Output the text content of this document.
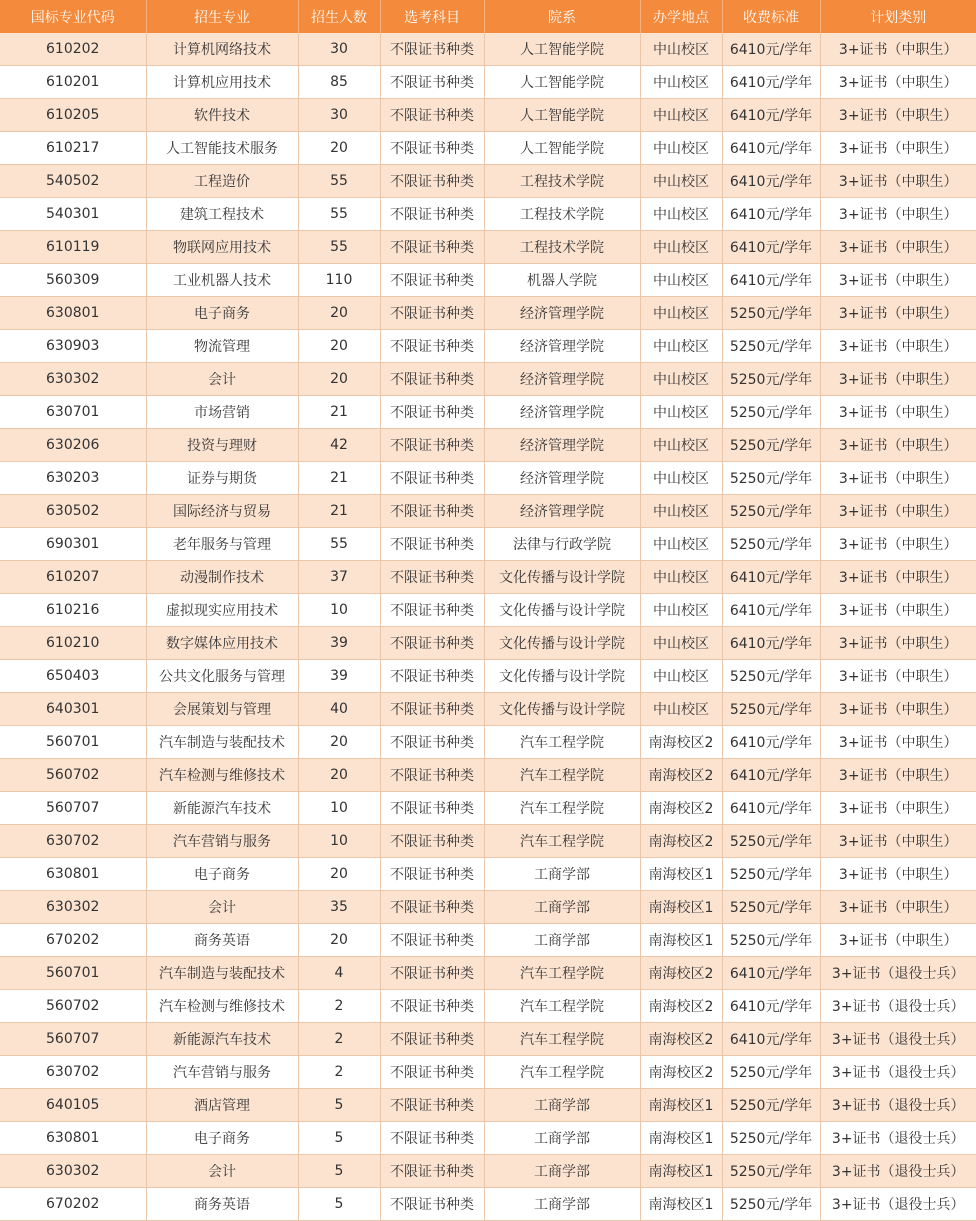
国标专业代码	招生专业	招生人数	选考科目	院系	办学地点	收费标准	计划类别
610202	计算机网络技术	30	不限证书种类	人工智能学院	中山校区	6410元/学年	3+证书（中职生）
610201	计算机应用技术	85	不限证书种类	人工智能学院	中山校区	6410元/学年	3+证书（中职生）
610205	软件技术	30	不限证书种类	人工智能学院	中山校区	6410元/学年	3+证书（中职生）
610217	人工智能技术服务	20	不限证书种类	人工智能学院	中山校区	6410元/学年	3+证书（中职生）
540502	工程造价	55	不限证书种类	工程技术学院	中山校区	6410元/学年	3+证书（中职生）
540301	建筑工程技术	55	不限证书种类	工程技术学院	中山校区	6410元/学年	3+证书（中职生）
610119	物联网应用技术	55	不限证书种类	工程技术学院	中山校区	6410元/学年	3+证书（中职生）
560309	工业机器人技术	110	不限证书种类	机器人学院	中山校区	6410元/学年	3+证书（中职生）
630801	电子商务	20	不限证书种类	经济管理学院	中山校区	5250元/学年	3+证书（中职生）
630903	物流管理	20	不限证书种类	经济管理学院	中山校区	5250元/学年	3+证书（中职生）
630302	会计	20	不限证书种类	经济管理学院	中山校区	5250元/学年	3+证书（中职生）
630701	市场营销	21	不限证书种类	经济管理学院	中山校区	5250元/学年	3+证书（中职生）
630206	投资与理财	42	不限证书种类	经济管理学院	中山校区	5250元/学年	3+证书（中职生）
630203	证券与期货	21	不限证书种类	经济管理学院	中山校区	5250元/学年	3+证书（中职生）
630502	国际经济与贸易	21	不限证书种类	经济管理学院	中山校区	5250元/学年	3+证书（中职生）
690301	老年服务与管理	55	不限证书种类	法律与行政学院	中山校区	5250元/学年	3+证书（中职生）
610207	动漫制作技术	37	不限证书种类	文化传播与设计学院	中山校区	6410元/学年	3+证书（中职生）
610216	虚拟现实应用技术	10	不限证书种类	文化传播与设计学院	中山校区	6410元/学年	3+证书（中职生）
610210	数字媒体应用技术	39	不限证书种类	文化传播与设计学院	中山校区	6410元/学年	3+证书（中职生）
650403	公共文化服务与管理	39	不限证书种类	文化传播与设计学院	中山校区	5250元/学年	3+证书（中职生）
640301	会展策划与管理	40	不限证书种类	文化传播与设计学院	中山校区	5250元/学年	3+证书（中职生）
560701	汽车制造与装配技术	20	不限证书种类	汽车工程学院	南海校区2	6410元/学年	3+证书（中职生）
560702	汽车检测与维修技术	20	不限证书种类	汽车工程学院	南海校区2	6410元/学年	3+证书（中职生）
560707	新能源汽车技术	10	不限证书种类	汽车工程学院	南海校区2	6410元/学年	3+证书（中职生）
630702	汽车营销与服务	10	不限证书种类	汽车工程学院	南海校区2	5250元/学年	3+证书（中职生）
630801	电子商务	20	不限证书种类	工商学部	南海校区1	5250元/学年	3+证书（中职生）
630302	会计	35	不限证书种类	工商学部	南海校区1	5250元/学年	3+证书（中职生）
670202	商务英语	20	不限证书种类	工商学部	南海校区1	5250元/学年	3+证书（中职生）
560701	汽车制造与装配技术	4	不限证书种类	汽车工程学院	南海校区2	6410元/学年	3+证书（退役士兵）
560702	汽车检测与维修技术	2	不限证书种类	汽车工程学院	南海校区2	6410元/学年	3+证书（退役士兵）
560707	新能源汽车技术	2	不限证书种类	汽车工程学院	南海校区2	6410元/学年	3+证书（退役士兵）
630702	汽车营销与服务	2	不限证书种类	汽车工程学院	南海校区2	5250元/学年	3+证书（退役士兵）
640105	酒店管理	5	不限证书种类	工商学部	南海校区1	5250元/学年	3+证书（退役士兵）
630801	电子商务	5	不限证书种类	工商学部	南海校区1	5250元/学年	3+证书（退役士兵）
630302	会计	5	不限证书种类	工商学部	南海校区1	5250元/学年	3+证书（退役士兵）
670202	商务英语	5	不限证书种类	工商学部	南海校区1	5250元/学年	3+证书（退役士兵）
